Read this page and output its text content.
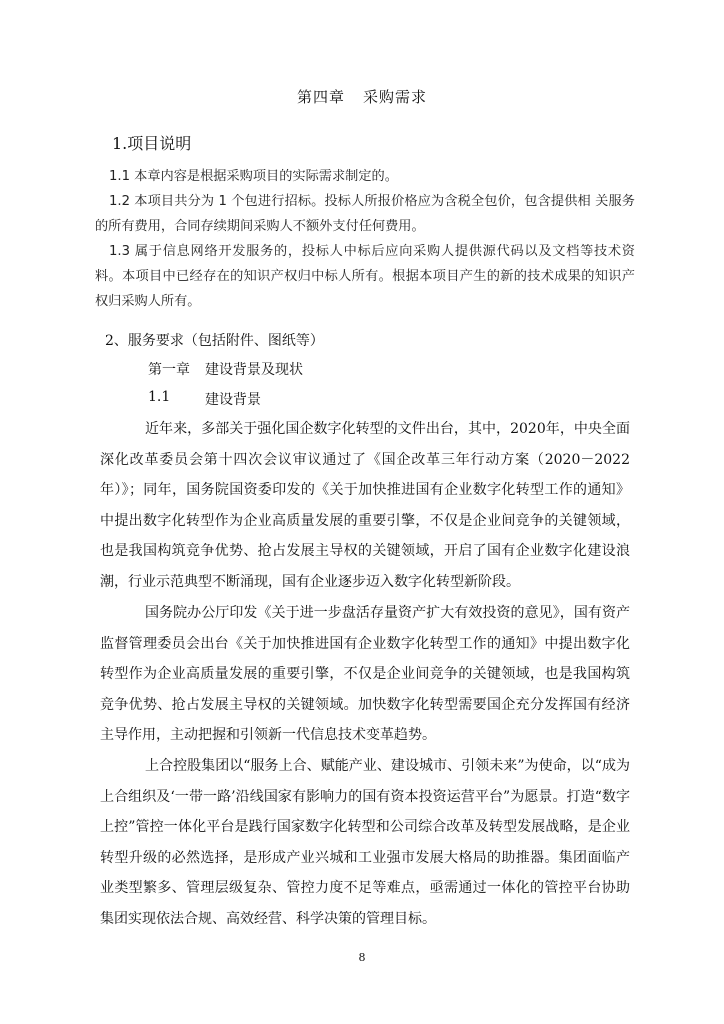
第四章 采购需求
1.项目说明
1.1 本章内容是根据采购项目的实际需求制定的。
1.2 本项目共分为 1 个包进行招标。投标人所报价格应为含税全包价，包含提供相 关服务的所有费用，合同存续期间采购人不额外支付任何费用。
1.3 属于信息网络开发服务的，投标人中标后应向采购人提供源代码以及文档等技术资料。本项目中已经存在的知识产权归中标人所有。根据本项目产生的新的技术成果的知识产权归采购人所有。
2、服务要求（包括附件、图纸等）
第一章 建设背景及现状
1.1 建设背景
近年来，多部关于强化国企数字化转型的文件出台，其中，2020年，中央全面深化改革委员会第十四次会议审议通过了《国企改革三年行动方案（2020－2022年）》；同年，国务院国资委印发的《关于加快推进国有企业数字化转型工作的通知》中提出数字化转型作为企业高质量发展的重要引擎，不仅是企业间竞争的关键领域，也是我国构筑竞争优势、抢占发展主导权的关键领域，开启了国有企业数字化建设浪潮，行业示范典型不断涌现，国有企业逐步迈入数字化转型新阶段。
国务院办公厅印发《关于进一步盘活存量资产扩大有效投资的意见》，国有资产监督管理委员会出台《关于加快推进国有企业数字化转型工作的通知》中提出数字化转型作为企业高质量发展的重要引擎，不仅是企业间竞争的关键领域，也是我国构筑竞争优势、抢占发展主导权的关键领域。加快数字化转型需要国企充分发挥国有经济主导作用，主动把握和引领新一代信息技术变革趋势。
上合控股集团以“服务上合、赋能产业、建设城市、引领未来”为使命，以“成为上合组织及‘一带一路’沿线国家有影响力的国有资本投资运营平台”为愿景。打造“数字上控”管控一体化平台是践行国家数字化转型和公司综合改革及转型发展战略，是企业转型升级的必然选择，是形成产业兴城和工业强市发展大格局的助推器。集团面临产业类型繁多、管理层级复杂、管控力度不足等难点，亟需通过一体化的管控平台协助集团实现依法合规、高效经营、科学决策的管理目标。
8
